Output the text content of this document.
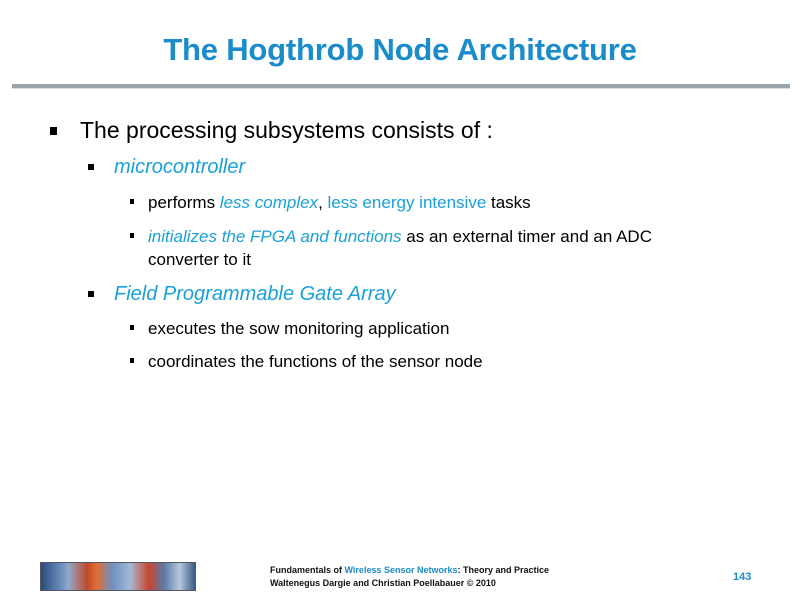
The Hogthrob Node Architecture
The processing subsystems consists of :
microcontroller
performs less complex, less energy intensive tasks
initializes the FPGA and functions as an external timer and an ADC
converter to it
Field Programmable Gate Array
executes the sow monitoring application
coordinates the functions of the sensor node
Fundamentals of Wireless Sensor Networks: Theory and Practice
Waltenegus Dargie and Christian Poellabauer © 2010	143
